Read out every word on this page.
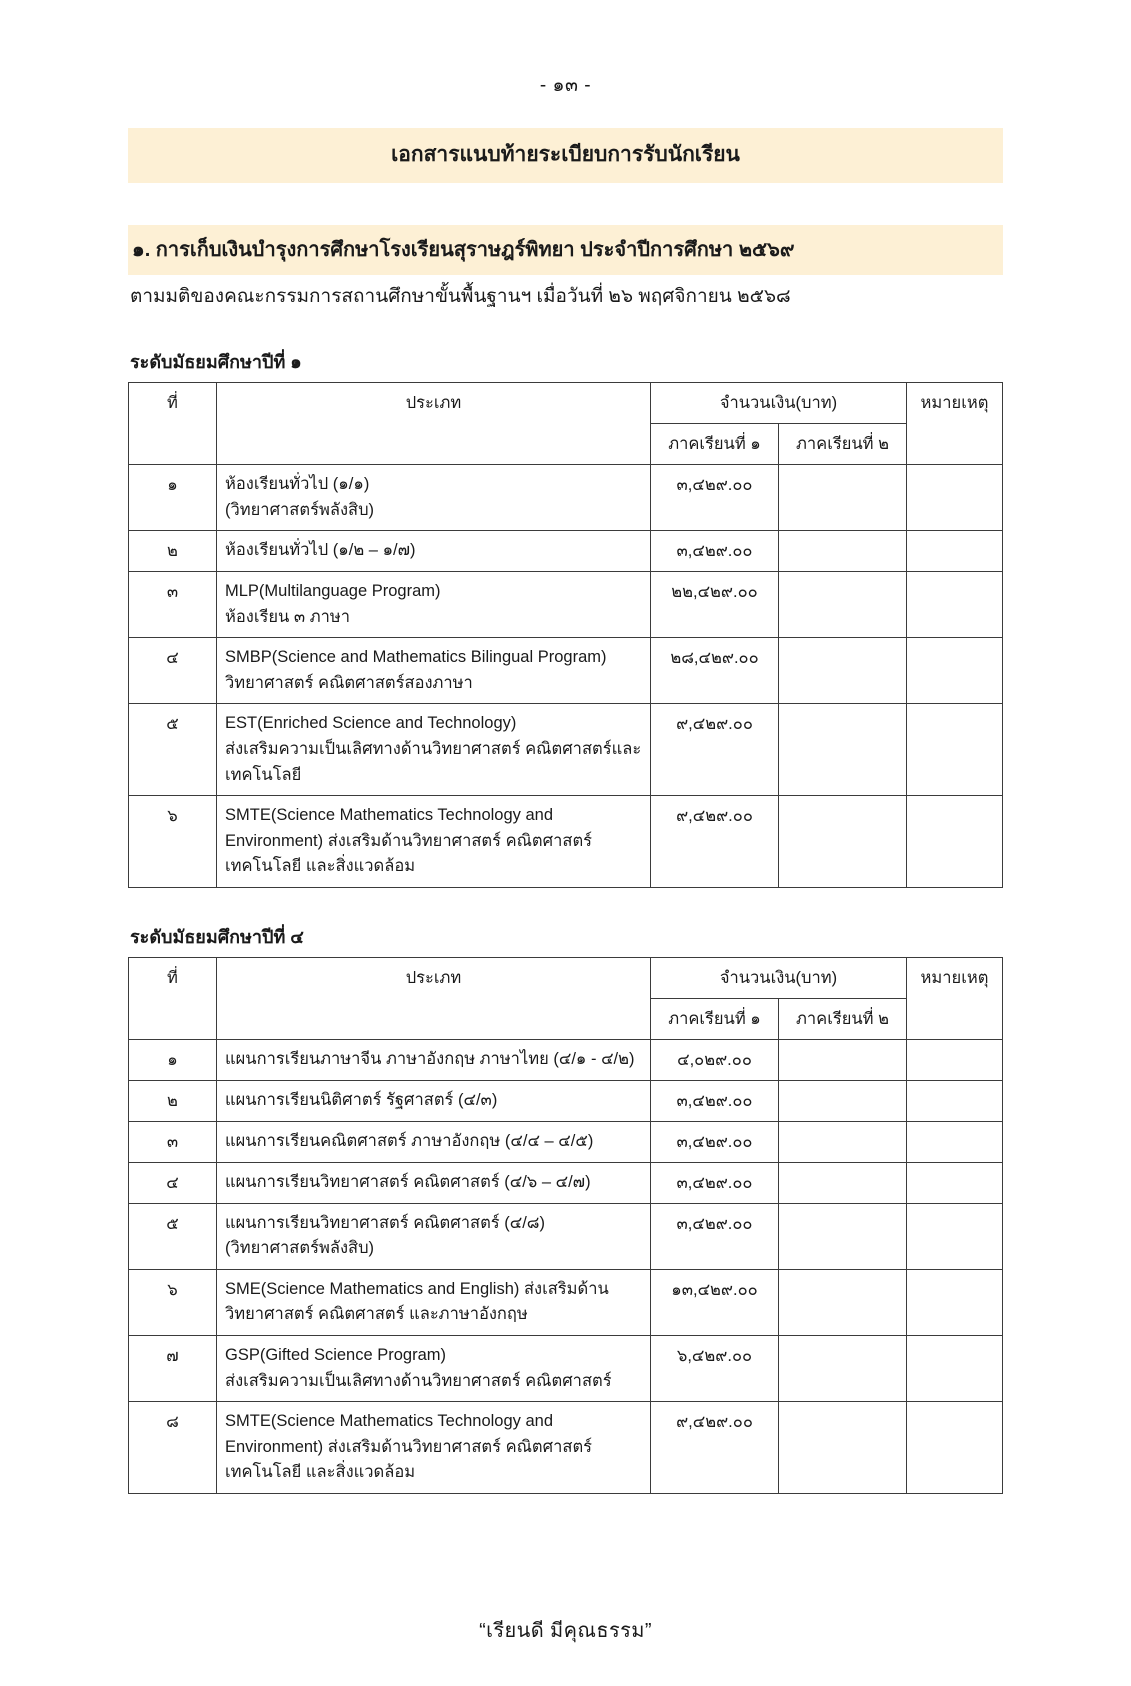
- ๑๓ -
เอกสารแนบท้ายระเบียบการรับนักเรียน
๑. การเก็บเงินบำรุงการศึกษาโรงเรียนสุราษฎร์พิทยา ประจำปีการศึกษา ๒๕๖๙
ตามมติของคณะกรรมการสถานศึกษาขั้นพื้นฐานฯ เมื่อวันที่ ๒๖ พฤศจิกายน ๒๕๖๘
ระดับมัธยมศึกษาปีที่ ๑
ที่	ประเภท	จำนวนเงิน(บาท)		หมายเหตุ
		ภาคเรียนที่ ๑	ภาคเรียนที่ ๒	
๑	ห้องเรียนทั่วไป (๑/๑)
(วิทยาศาสตร์พลังสิบ)	๓,๔๒๙.๐๐		
๒	ห้องเรียนทั่วไป (๑/๒ – ๑/๗)	๓,๔๒๙.๐๐		
๓	MLP(Multilanguage Program)
ห้องเรียน ๓ ภาษา	๒๒,๔๒๙.๐๐		
๔	SMBP(Science and Mathematics Bilingual Program)
วิทยาศาสตร์ คณิตศาสตร์สองภาษา	๒๘,๔๒๙.๐๐		
๕	EST(Enriched Science and Technology)
ส่งเสริมความเป็นเลิศทางด้านวิทยาศาสตร์ คณิตศาสตร์และ
เทคโนโลยี	๙,๔๒๙.๐๐		
๖	SMTE(Science Mathematics Technology and
Environment) ส่งเสริมด้านวิทยาศาสตร์ คณิตศาสตร์
เทคโนโลยี และสิ่งแวดล้อม	๙,๔๒๙.๐๐		
ระดับมัธยมศึกษาปีที่ ๔
ที่	ประเภท	จำนวนเงิน(บาท)		หมายเหตุ
		ภาคเรียนที่ ๑	ภาคเรียนที่ ๒	
๑	แผนการเรียนภาษาจีน ภาษาอังกฤษ ภาษาไทย (๔/๑ - ๔/๒)	๔,๐๒๙.๐๐		
๒	แผนการเรียนนิติศาตร์ รัฐศาสตร์ (๔/๓)	๓,๔๒๙.๐๐		
๓	แผนการเรียนคณิตศาสตร์ ภาษาอังกฤษ (๔/๔ – ๔/๕)	๓,๔๒๙.๐๐		
๔	แผนการเรียนวิทยาศาสตร์ คณิตศาสตร์ (๔/๖ – ๔/๗)	๓,๔๒๙.๐๐		
๕	แผนการเรียนวิทยาศาสตร์ คณิตศาสตร์ (๔/๘)
(วิทยาศาสตร์พลังสิบ)	๓,๔๒๙.๐๐		
๖	SME(Science Mathematics and English) ส่งเสริมด้าน
วิทยาศาสตร์ คณิตศาสตร์ และภาษาอังกฤษ	๑๓,๔๒๙.๐๐		
๗	GSP(Gifted Science Program)
ส่งเสริมความเป็นเลิศทางด้านวิทยาศาสตร์ คณิตศาสตร์	๖,๔๒๙.๐๐		
๘	SMTE(Science Mathematics Technology and
Environment) ส่งเสริมด้านวิทยาศาสตร์ คณิตศาสตร์
เทคโนโลยี และสิ่งแวดล้อม	๙,๔๒๙.๐๐		
“เรียนดี มีคุณธรรม”
